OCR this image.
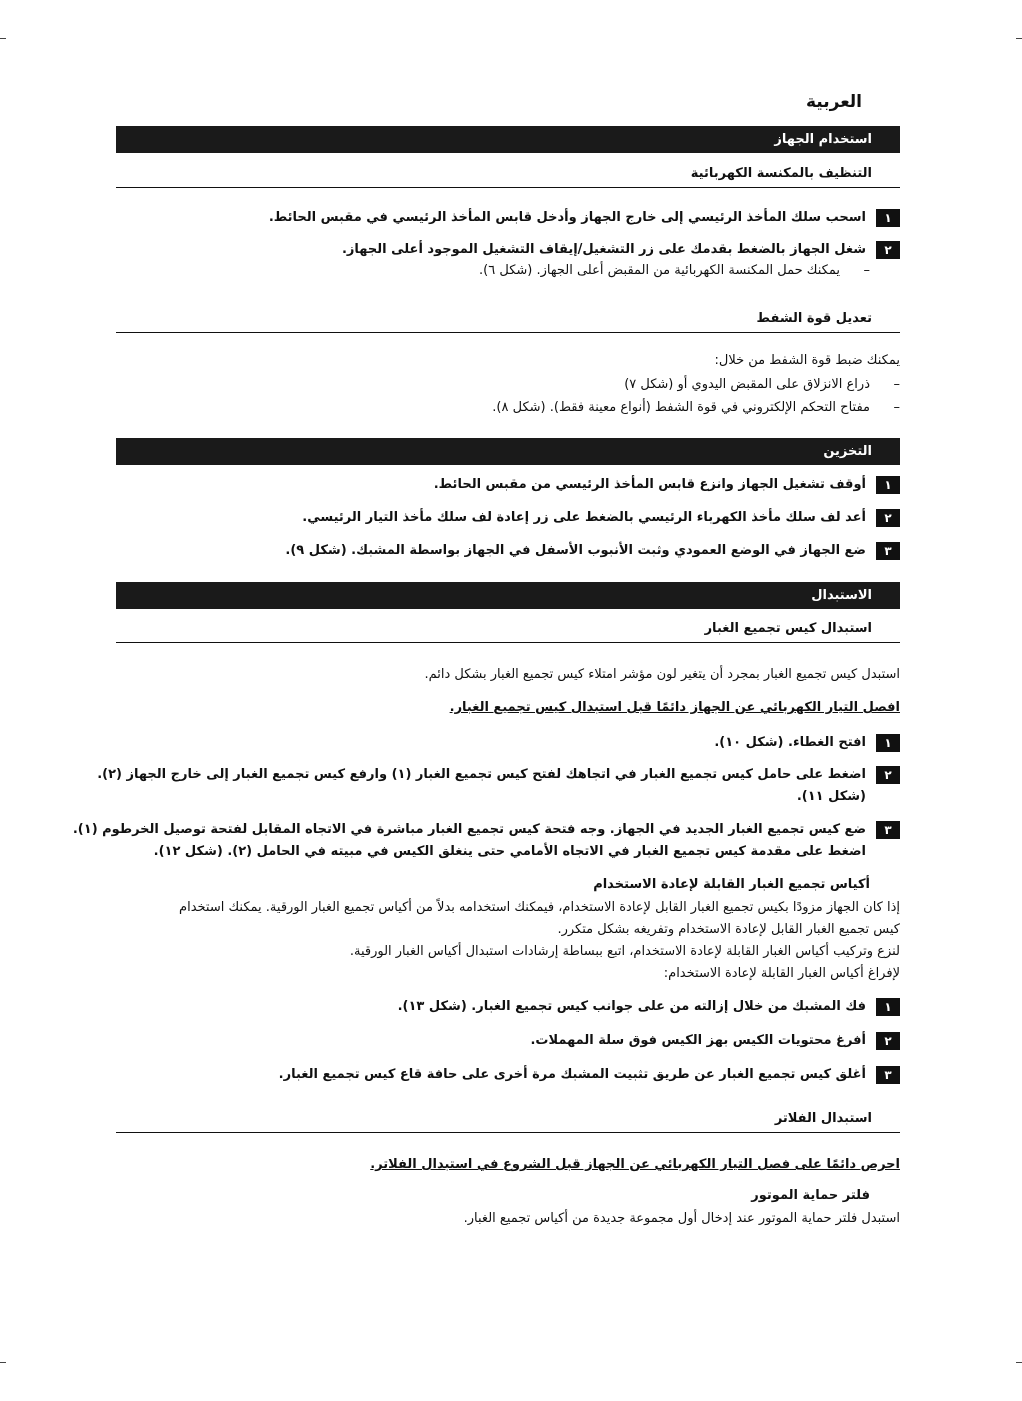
العربية
استخدام الجهاز
التنظيف بالمكنسة الكهربائية
١
اسحب سلك المأخذ الرئيسي إلى خارج الجهاز وأدخل قابس المأخذ الرئيسي في مقبس الحائط.
٢
شغل الجهاز بالضغط بقدمك على زر التشغيل/إيقاف التشغيل الموجود أعلى الجهاز.
–يمكنك حمل المكنسة الكهربائية من المقبض أعلى الجهاز. (شكل ٦).
تعديل قوة الشفط
يمكنك ضبط قوة الشفط من خلال:
–ذراع الانزلاق على المقبض اليدوي أو (شكل ٧)
–مفتاح التحكم الإلكتروني في قوة الشفط (أنواع معينة فقط). (شكل ٨).
التخزين
١
أوقف تشغيل الجهاز وانزع قابس المأخذ الرئيسي من مقبس الحائط.
٢
أعد لف سلك مأخذ الكهرباء الرئيسي بالضغط على زر إعادة لف سلك مأخذ التيار الرئيسي.
٣
ضع الجهاز في الوضع العمودي وثبت الأنبوب الأسفل في الجهاز بواسطة المشبك. (شكل ٩).
الاستبدال
استبدال كيس تجميع الغبار
استبدل كيس تجميع الغبار بمجرد أن يتغير لون مؤشر امتلاء كيس تجميع الغبار بشكل دائم.
افصل التيار الكهربائي عن الجهاز دائمًا قبل استبدال كيس تجميع الغبار.
١
افتح الغطاء. (شكل ١٠).
٢
اضغط على حامل كيس تجميع الغبار في اتجاهك لفتح كيس تجميع الغبار (١) وارفع كيس تجميع الغبار إلى خارج الجهاز (٢).
(شكل ١١).
٣
ضع كيس تجميع الغبار الجديد في الجهاز. وجه فتحة كيس تجميع الغبار مباشرة في الاتجاه المقابل لفتحة توصيل الخرطوم (١).
اضغط على مقدمة كيس تجميع الغبار في الاتجاه الأمامي حتى ينغلق الكيس في مبيته في الحامل (٢). (شكل ١٢).
أكياس تجميع الغبار القابلة لإعادة الاستخدام
إذا كان الجهاز مزودًا بكيس تجميع الغبار القابل لإعادة الاستخدام، فيمكنك استخدامه بدلاً من أكياس تجميع الغبار الورقية. يمكنك استخدام
كيس تجميع الغبار القابل لإعادة الاستخدام وتفريغه بشكل متكرر.
لنزع وتركيب أكياس الغبار القابلة لإعادة الاستخدام، اتبع ببساطة إرشادات استبدال أكياس الغبار الورقية.
لإفراغ أكياس الغبار القابلة لإعادة الاستخدام:
١
فك المشبك من خلال إزالته من على جوانب كيس تجميع الغبار. (شكل ١٣).
٢
أفرغ محتويات الكيس بهز الكيس فوق سلة المهملات.
٣
أغلق كيس تجميع الغبار عن طريق تثبيت المشبك مرة أخرى على حافة قاع كيس تجميع الغبار.
استبدال الفلاتر
احرص دائمًا على فصل التيار الكهربائي عن الجهاز قبل الشروع في استبدال الفلاتر.
فلتر حماية الموتور
استبدل فلتر حماية الموتور عند إدخال أول مجموعة جديدة من أكياس تجميع الغبار.
